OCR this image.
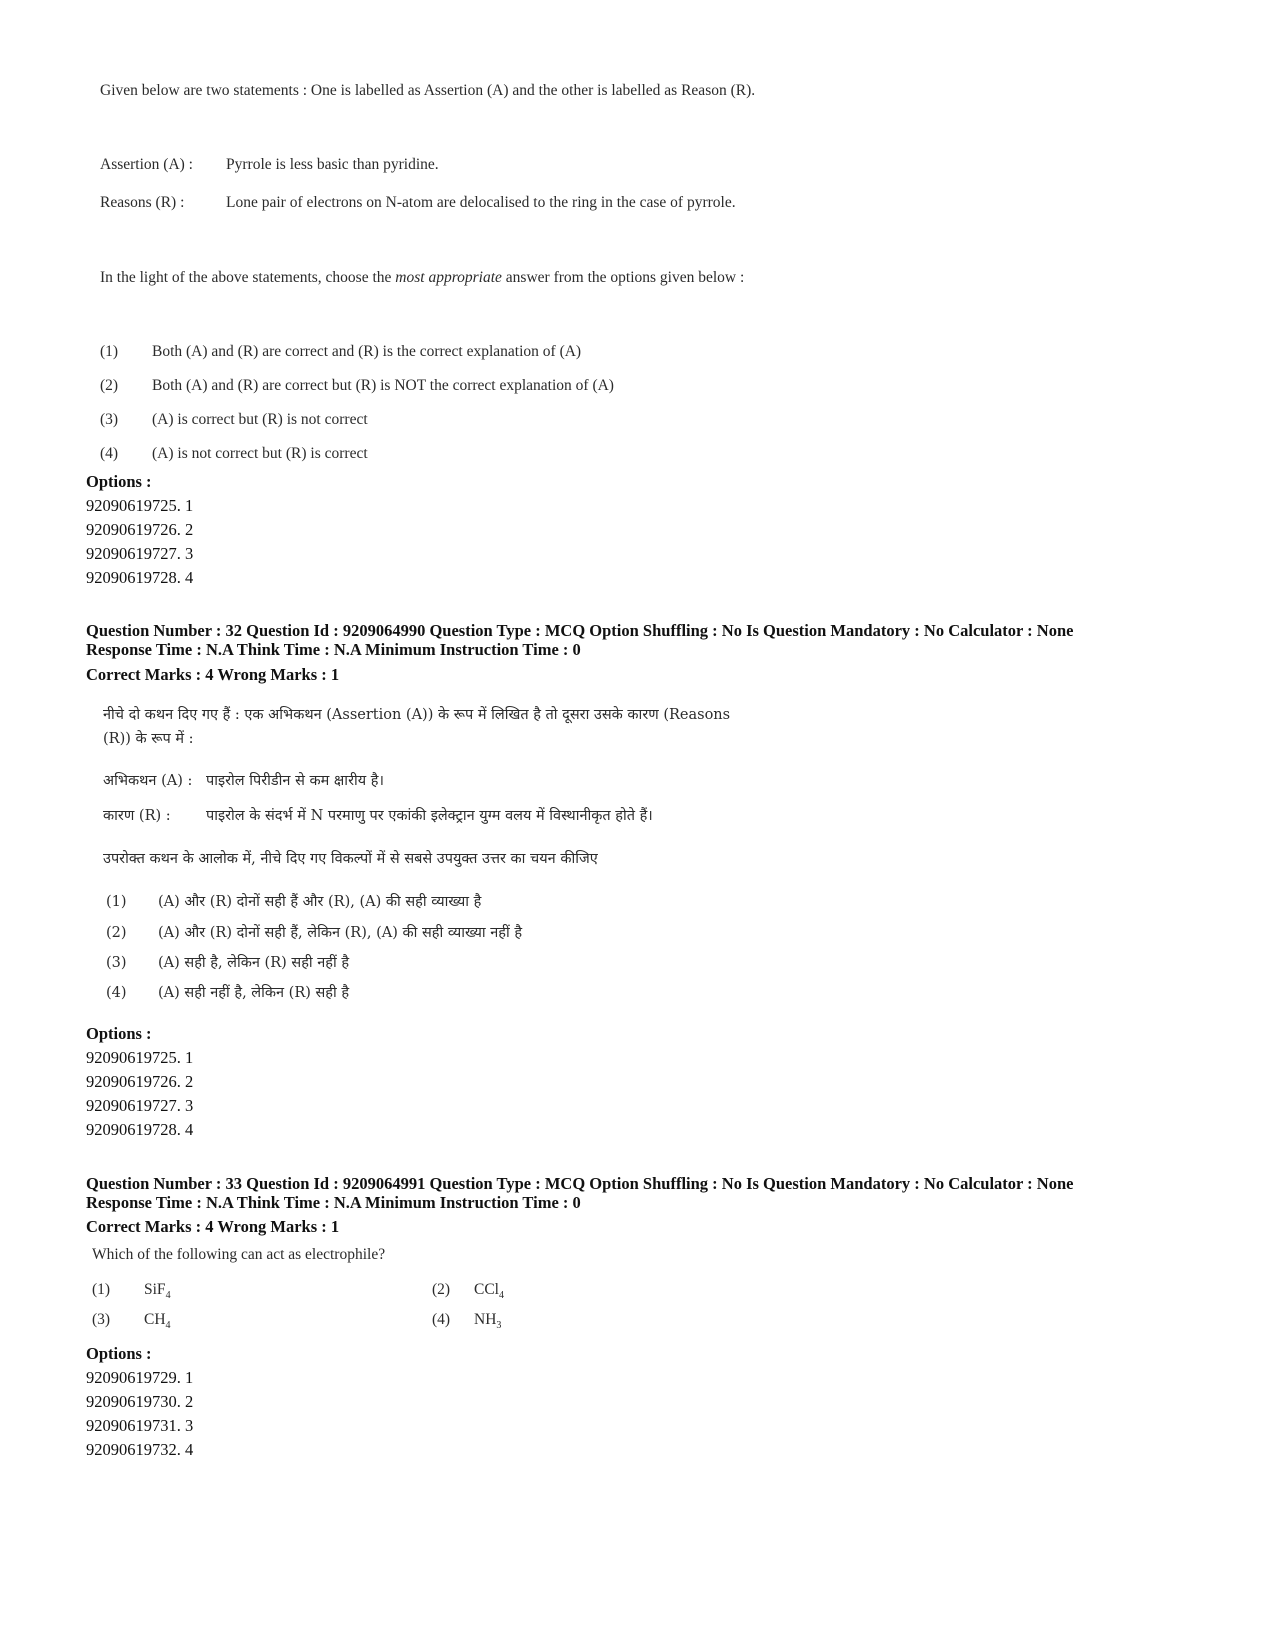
Given below are two statements : One is labelled as Assertion (A) and the other is labelled as Reason (R).
Assertion (A) : Pyrrole is less basic than pyridine.
Reasons (R) :	Lone pair of electrons on N-atom are delocalised to the ring in the case of pyrrole.
In the light of the above statements, choose the most appropriate answer from the options given below :
(1) Both (A) and (R) are correct and (R) is the correct explanation of (A)
(2) Both (A) and (R) are correct but (R) is NOT the correct explanation of (A)
(3) (A) is correct but (R) is not correct
(4) (A) is not correct but (R) is correct
Options :
92090619725. 1
92090619726. 2
92090619727. 3
92090619728. 4
Question Number : 32 Question Id : 9209064990 Question Type : MCQ Option Shuffling : No Is Question Mandatory : No Calculator : None
Response Time : N.A Think Time : N.A Minimum Instruction Time : 0
Correct Marks : 4 Wrong Marks : 1
नीचे दो कथन दिए गए हैं : एक अभिकथन (Assertion (A)) के रूप में लिखित है तो दूसरा उसके कारण (Reasons
(R)) के रूप में :
अभिकथन (A) : पाइरोल पिरीडीन से कम क्षारीय है।
कारण (R) : पाइरोल के संदर्भ में N परमाणु पर एकांकी इलेक्ट्रान युग्म वलय में विस्थानीकृत होते हैं।
उपरोक्त कथन के आलोक में, नीचे दिए गए विकल्पों में से सबसे उपयुक्त उत्तर का चयन कीजिए
(1) (A) और (R) दोनों सही हैं और (R), (A) की सही व्याख्या है
(2) (A) और (R) दोनों सही हैं, लेकिन (R), (A) की सही व्याख्या नहीं है
(3) (A) सही है, लेकिन (R) सही नहीं है
(4) (A) सही नहीं है, लेकिन (R) सही है
Options :
92090619725. 1
92090619726. 2
92090619727. 3
92090619728. 4
Question Number : 33 Question Id : 9209064991 Question Type : MCQ Option Shuffling : No Is Question Mandatory : No Calculator : None
Response Time : N.A Think Time : N.A Minimum Instruction Time : 0
Correct Marks : 4 Wrong Marks : 1
Which of the following can act as electrophile?
(1) SiF$_4$	(2) CCl$_4$
(3) $CH_4$	(4) $NH_3$
Options :
92090619729. 1
92090619730. 2
92090619731. 3
92090619732. 4
